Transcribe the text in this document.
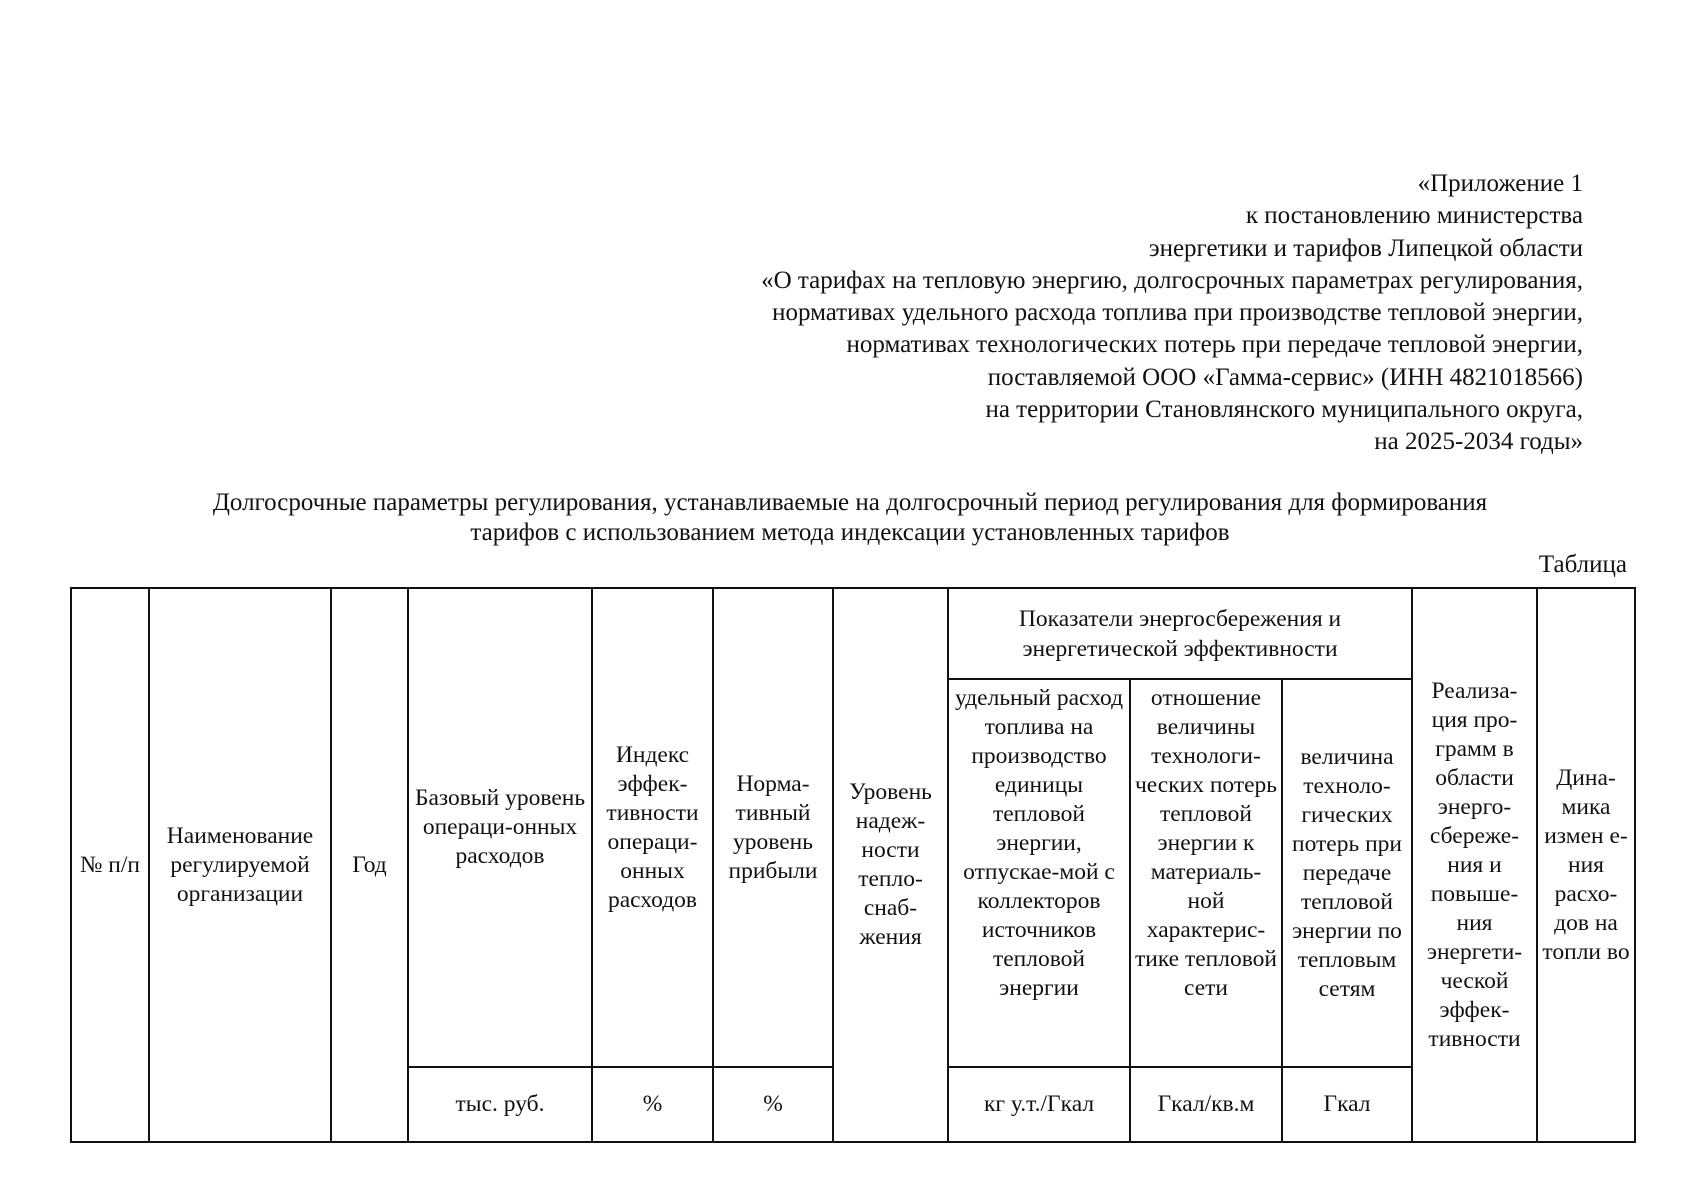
«Приложение 1
к постановлению министерства
энергетики и тарифов Липецкой области
«О тарифах на тепловую энергию, долгосрочных параметрах регулирования,
нормативах удельного расхода топлива при производстве тепловой энергии,
нормативах технологических потерь при передаче тепловой энергии,
поставляемой ООО «Гамма-сервис» (ИНН 4821018566)
на территории Становлянского муниципального округа,
на 2025-2034 годы»
Долгосрочные параметры регулирования, устанавливаемые на долгосрочный период регулирования для формирования
тарифов с использованием метода индексации установленных тарифов
Таблица
№ п/п	Наименование регулируемой организации	Год	Базовый уровень операци-онных расходов	Индекс эффек-тивности операци-онных расходов	Норма-тивный уровень прибыли	Уровень надеж-ности тепло-снаб-жения	Показатели энергосбережения и энергетической эффективности			Реализа-ция про-грамм в области энерго-сбереже-ния и повыше-ния энергети-ческой эффек-тивности	Дина-мика измен е-ния расхо-дов на топли во

							удельный расход топлива на производство единицы тепловой энергии, отпускае-мой с коллекторов источников тепловой энергии	отношение величины технологи-ческих потерь тепловой энергии к материаль-ной характерис-тике тепловой сети	величина техноло-гических потерь при передаче тепловой энергии по тепловым сетям		

			тыс. руб.	%	%		кг у.т./Гкал	Гкал/кв.м	Гкал		
